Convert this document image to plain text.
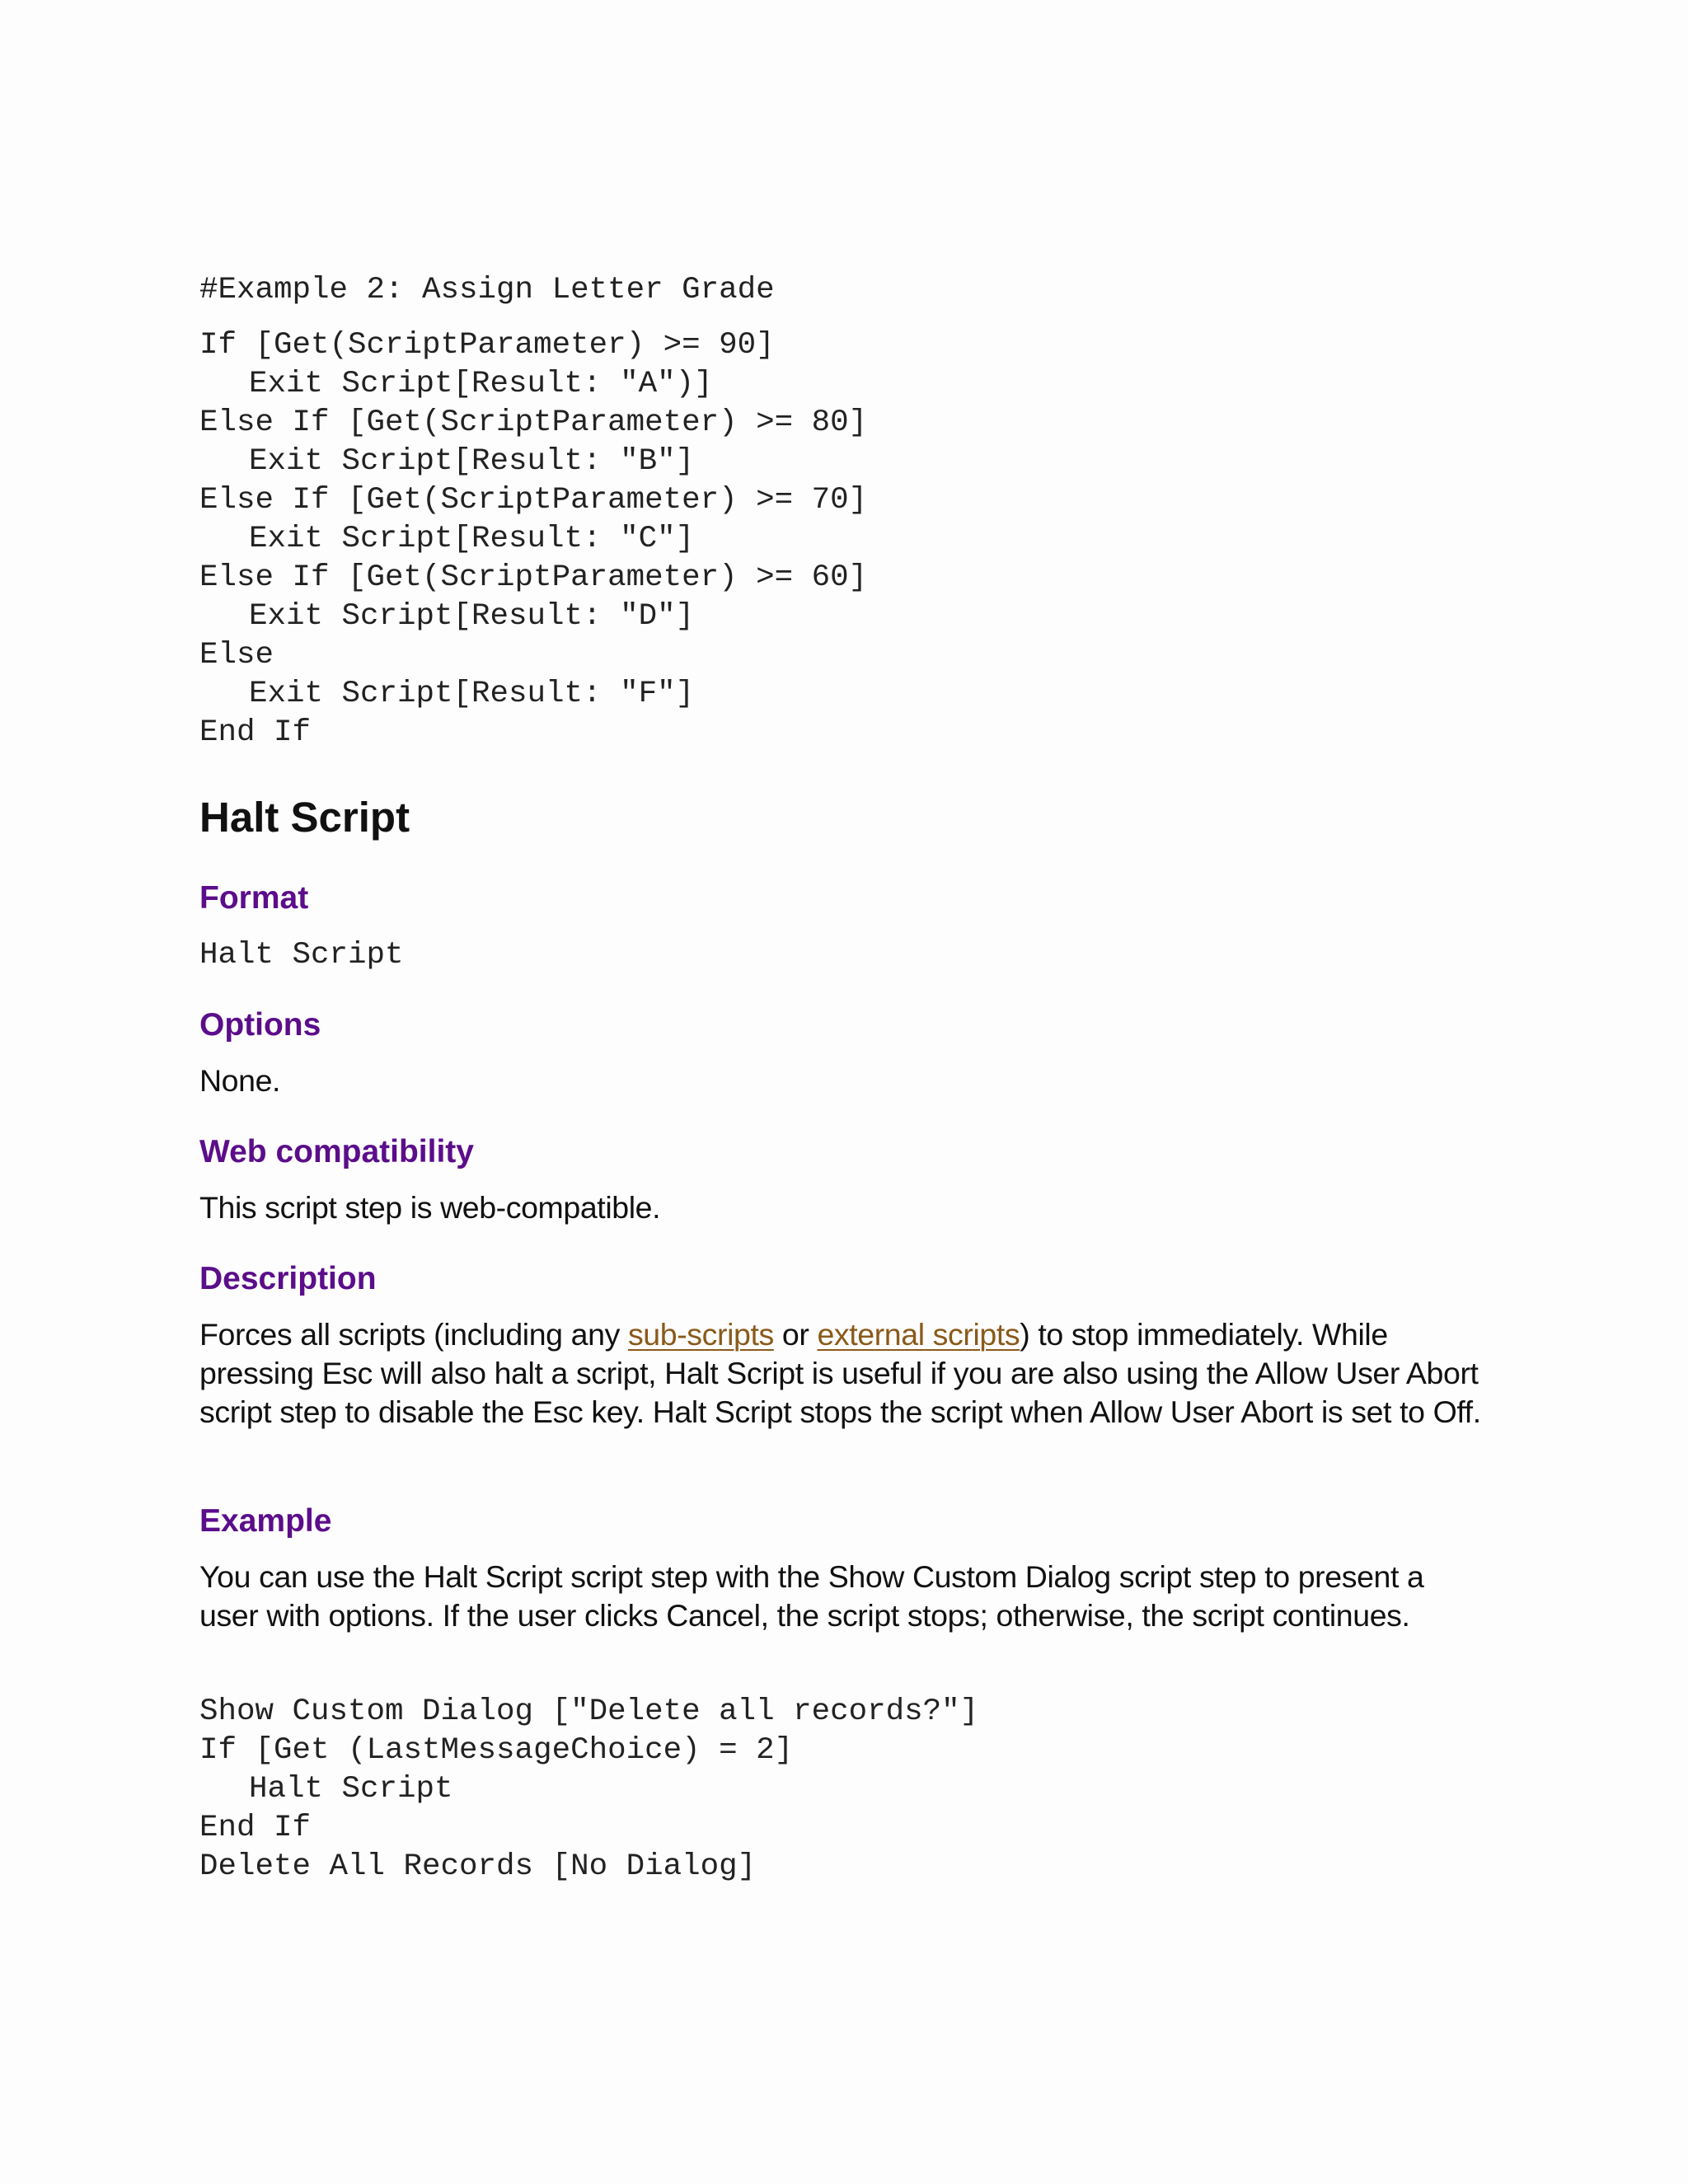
#Example 2: Assign Letter Grade
If [Get(ScriptParameter) >= 90]
Exit Script[Result: "A")]
Else If [Get(ScriptParameter) >= 80]
Exit Script[Result: "B"]
Else If [Get(ScriptParameter) >= 70]
Exit Script[Result: "C"]
Else If [Get(ScriptParameter) >= 60]
Exit Script[Result: "D"]
Else
Exit Script[Result: "F"]
End If
Halt Script
Format
Halt Script
Options

None.

Web compatibility

This script step is web-compatible.

Description

Forces all scripts (including any sub-scripts or external scripts) to stop immediately. While pressing Esc will also halt a script, Halt Script is useful if you are also using the Allow User Abort script step to disable the Esc key. Halt Script stops the script when Allow User Abort is set to Off.

Example

You can use the Halt Script script step with the Show Custom Dialog script step to present a user with options. If the user clicks Cancel, the script stops; otherwise, the script continues.

Show Custom Dialog ["Delete all records?"]
If [Get (LastMessageChoice) = 2]
Halt Script
End If
Delete All Records [No Dialog]
